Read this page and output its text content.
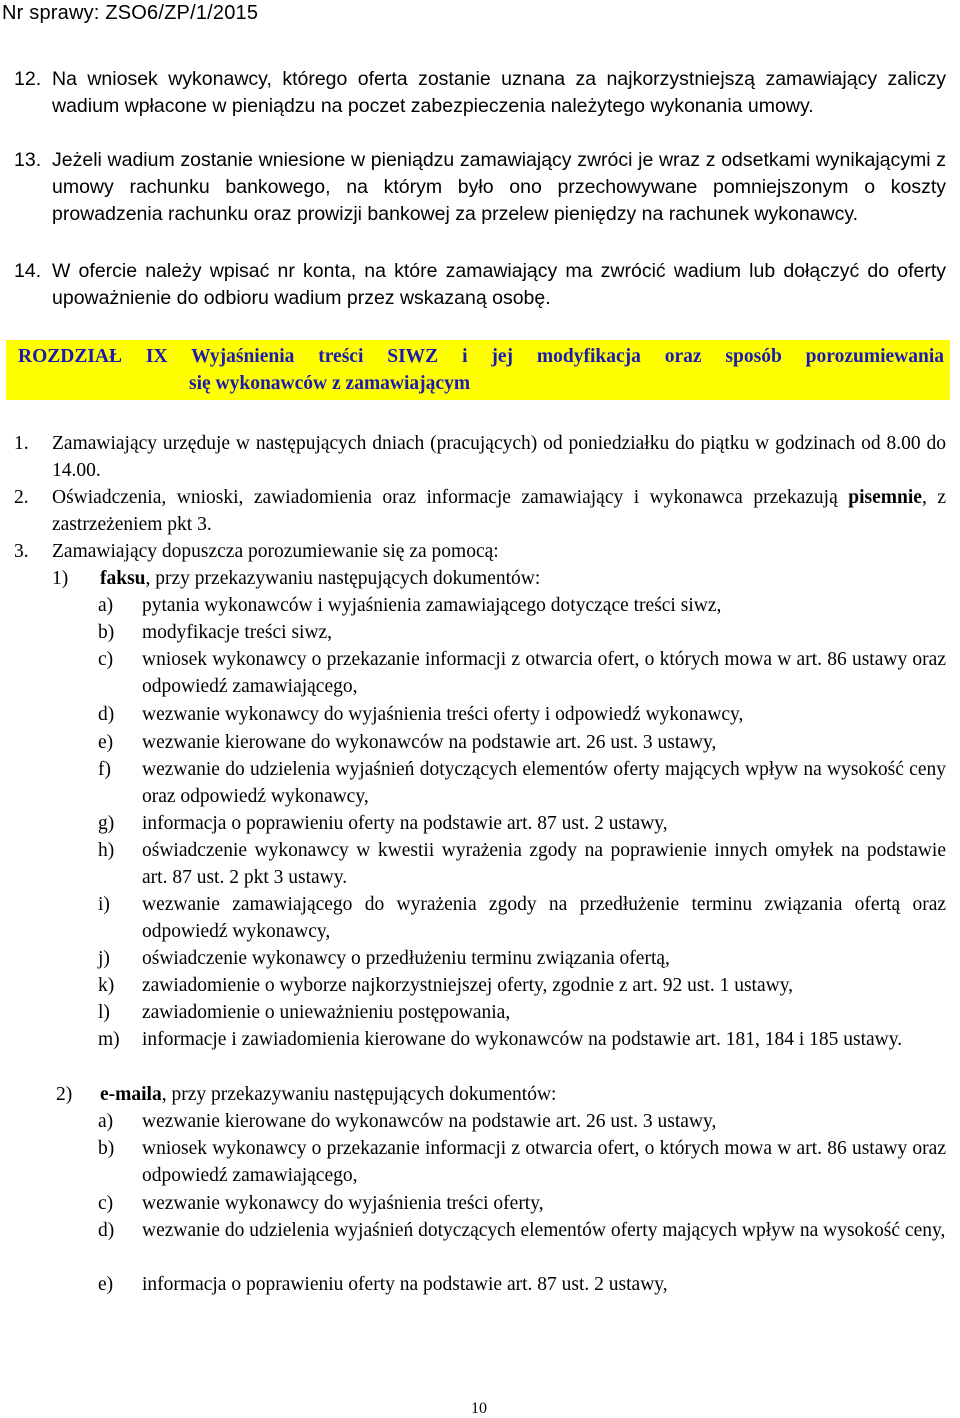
Nr sprawy: ZSO6/ZP/1/2015
12. Na wniosek wykonawcy, którego oferta zostanie uznana za najkorzystniejszą zamawiający zaliczy wadium wpłacone w pieniądzu na poczet zabezpieczenia należytego wykonania umowy.
13. Jeżeli wadium zostanie wniesione w pieniądzu zamawiający zwróci je wraz z odsetkami wynikającymi z umowy rachunku bankowego, na którym było ono przechowywane pomniejszonym o koszty prowadzenia rachunku oraz prowizji bankowej za przelew pieniędzy na rachunek wykonawcy.
14. W ofercie należy wpisać nr konta, na które zamawiający ma zwrócić wadium lub dołączyć do oferty upoważnienie do odbioru wadium przez wskazaną osobę.
ROZDZIAŁ IX Wyjaśnienia treści SIWZ i jej modyfikacja oraz sposób porozumiewania
się wykonawców z zamawiającym
1. Zamawiający urzęduje w następujących dniach (pracujących) od poniedziałku do piątku w godzinach od 8.00 do 14.00.
2. Oświadczenia, wnioski, zawiadomienia oraz informacje zamawiający i wykonawca przekazują pisemnie, z zastrzeżeniem pkt 3.
3. Zamawiający dopuszcza porozumiewanie się za pomocą:
1) faksu, przy przekazywaniu następujących dokumentów:
a) pytania wykonawców i wyjaśnienia zamawiającego dotyczące treści siwz,
b) modyfikacje treści siwz,
c) wniosek wykonawcy o przekazanie informacji z otwarcia ofert, o których mowa w art. 86 ustawy oraz odpowiedź zamawiającego,
d) wezwanie wykonawcy do wyjaśnienia treści oferty i odpowiedź wykonawcy,
e) wezwanie kierowane do wykonawców na podstawie art. 26 ust. 3 ustawy,
f) wezwanie do udzielenia wyjaśnień dotyczących elementów oferty mających wpływ na wysokość ceny oraz odpowiedź wykonawcy,
g) informacja o poprawieniu oferty na podstawie art. 87 ust. 2 ustawy,
h) oświadczenie wykonawcy w kwestii wyrażenia zgody na poprawienie innych omyłek na podstawie art. 87 ust. 2 pkt 3 ustawy.
i) wezwanie zamawiającego do wyrażenia zgody na przedłużenie terminu związania ofertą oraz odpowiedź wykonawcy,
j) oświadczenie wykonawcy o przedłużeniu terminu związania ofertą,
k) zawiadomienie o wyborze najkorzystniejszej oferty, zgodnie z art. 92 ust. 1 ustawy,
l) zawiadomienie o unieważnieniu postępowania,
m) informacje i zawiadomienia kierowane do wykonawców na podstawie art. 181, 184 i 185 ustawy.
2) e-maila, przy przekazywaniu następujących dokumentów:
a) wezwanie kierowane do wykonawców na podstawie art. 26 ust. 3 ustawy,
b) wniosek wykonawcy o przekazanie informacji z otwarcia ofert, o których mowa w art. 86 ustawy oraz odpowiedź zamawiającego,
c) wezwanie wykonawcy do wyjaśnienia treści oferty,
d) wezwanie do udzielenia wyjaśnień dotyczących elementów oferty mających wpływ na wysokość ceny,
e) informacja o poprawieniu oferty na podstawie art. 87 ust. 2 ustawy,
10
